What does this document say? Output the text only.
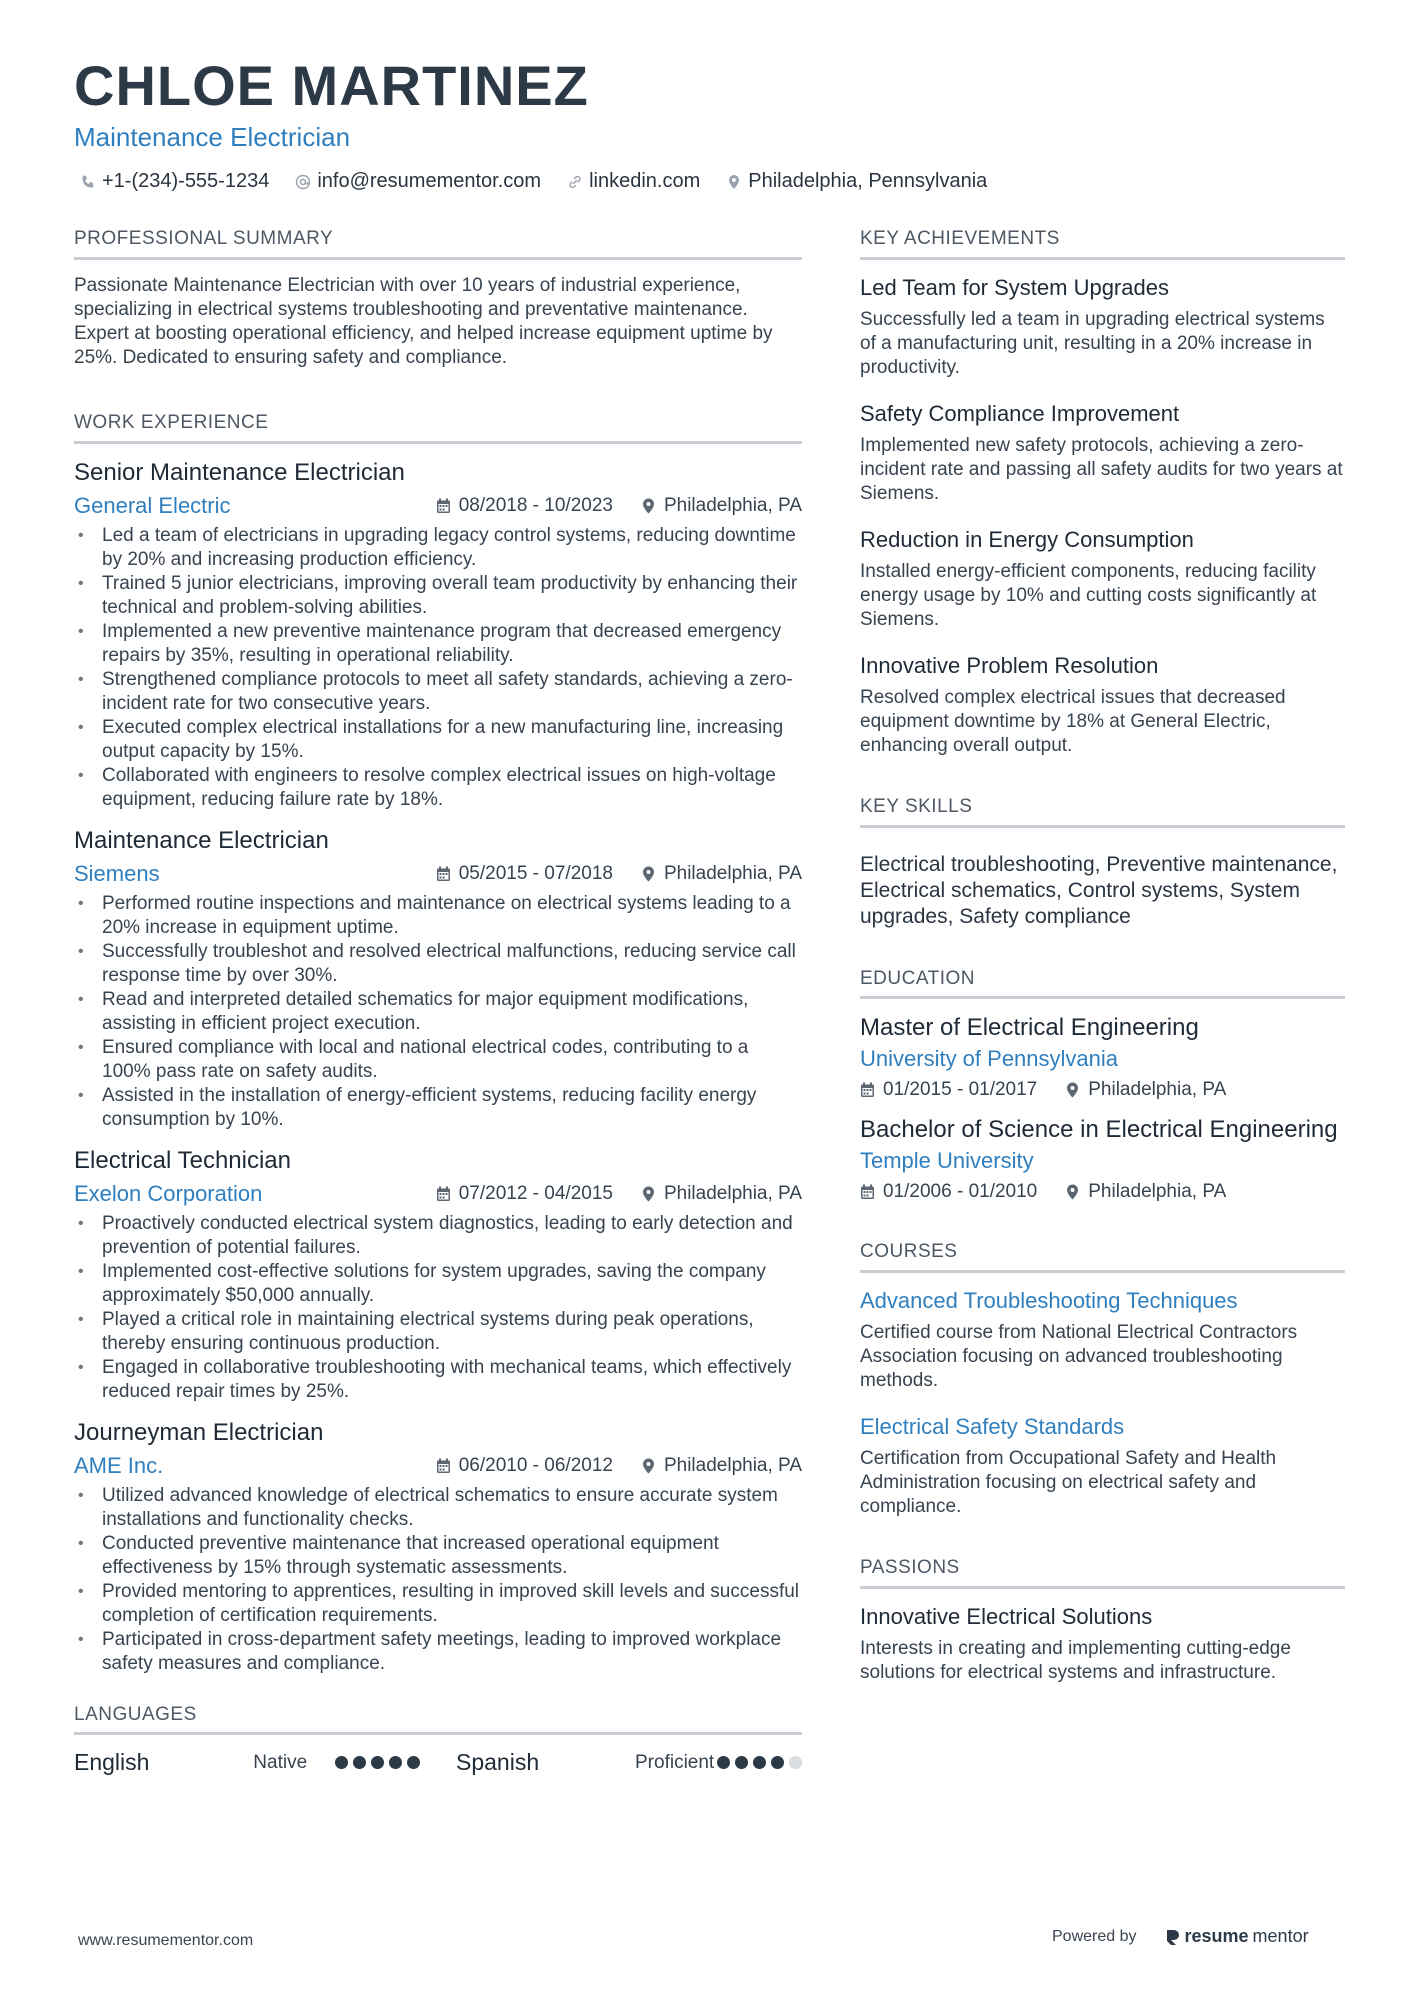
CHLOE MARTINEZ
Maintenance Electrician
+1-(234)-555-1234 info@resumementor.com linkedin.com Philadelphia, Pennsylvania
PROFESSIONAL SUMMARY

Passionate Maintenance Electrician with over 10 years of industrial experience, specializing in electrical systems troubleshooting and preventative maintenance. Expert at boosting operational efficiency, and helped increase equipment uptime by 25%. Dedicated to ensuring safety and compliance.

WORK EXPERIENCE
Senior Maintenance Electrician
General Electric	08/2018 - 10/2023	Philadelphia, PA
• Led a team of electricians in upgrading legacy control systems, reducing downtime by 20% and increasing production efficiency.
• Trained 5 junior electricians, improving overall team productivity by enhancing their technical and problem-solving abilities.
• Implemented a new preventive maintenance program that decreased emergency repairs by 35%, resulting in operational reliability.
• Strengthened compliance protocols to meet all safety standards, achieving a zero-incident rate for two consecutive years.
• Executed complex electrical installations for a new manufacturing line, increasing output capacity by 15%.
• Collaborated with engineers to resolve complex electrical issues on high-voltage equipment, reducing failure rate by 18%.
Maintenance Electrician
Siemens	05/2015 - 07/2018	Philadelphia, PA
• Performed routine inspections and maintenance on electrical systems leading to a 20% increase in equipment uptime.
• Successfully troubleshot and resolved electrical malfunctions, reducing service call response time by over 30%.
• Read and interpreted detailed schematics for major equipment modifications, assisting in efficient project execution.
• Ensured compliance with local and national electrical codes, contributing to a 100% pass rate on safety audits.
• Assisted in the installation of energy-efficient systems, reducing facility energy consumption by 10%.
Electrical Technician
Exelon Corporation	07/2012 - 04/2015	Philadelphia, PA
• Proactively conducted electrical system diagnostics, leading to early detection and prevention of potential failures.
• Implemented cost-effective solutions for system upgrades, saving the company approximately $50,000 annually.
• Played a critical role in maintaining electrical systems during peak operations, thereby ensuring continuous production.
• Engaged in collaborative troubleshooting with mechanical teams, which effectively reduced repair times by 25%.
Journeyman Electrician
AME Inc.	06/2010 - 06/2012	Philadelphia, PA
• Utilized advanced knowledge of electrical schematics to ensure accurate system installations and functionality checks.
• Conducted preventive maintenance that increased operational equipment effectiveness by 15% through systematic assessments.
• Provided mentoring to apprentices, resulting in improved skill levels and successful completion of certification requirements.
• Participated in cross-department safety meetings, leading to improved workplace safety measures and compliance.
LANGUAGES
English	Native	Spanish	Proficient
KEY ACHIEVEMENTS
Led Team for System Upgrades

Successfully led a team in upgrading electrical systems of a manufacturing unit, resulting in a 20% increase in productivity.

Safety Compliance Improvement

Implemented new safety protocols, achieving a zero-incident rate and passing all safety audits for two years at Siemens.

Reduction in Energy Consumption

Installed energy-efficient components, reducing facility energy usage by 10% and cutting costs significantly at Siemens.

Innovative Problem Resolution

Resolved complex electrical issues that decreased equipment downtime by 18% at General Electric, enhancing overall output.

KEY SKILLS
Electrical troubleshooting, Preventive maintenance, Electrical schematics, Control systems, System upgrades, Safety compliance
EDUCATION
Master of Electrical Engineering
University of Pennsylvania
01/2015 - 01/2017	Philadelphia, PA
Bachelor of Science in Electrical Engineering
Temple University
01/2006 - 01/2010	Philadelphia, PA
COURSES
Advanced Troubleshooting Techniques

Certified course from National Electrical Contractors Association focusing on advanced troubleshooting methods.

Electrical Safety Standards

Certification from Occupational Safety and Health Administration focusing on electrical safety and compliance.

PASSIONS
Innovative Electrical Solutions

Interests in creating and implementing cutting-edge solutions for electrical systems and infrastructure.

www.resumementor.com	Powered by	resume mentor
